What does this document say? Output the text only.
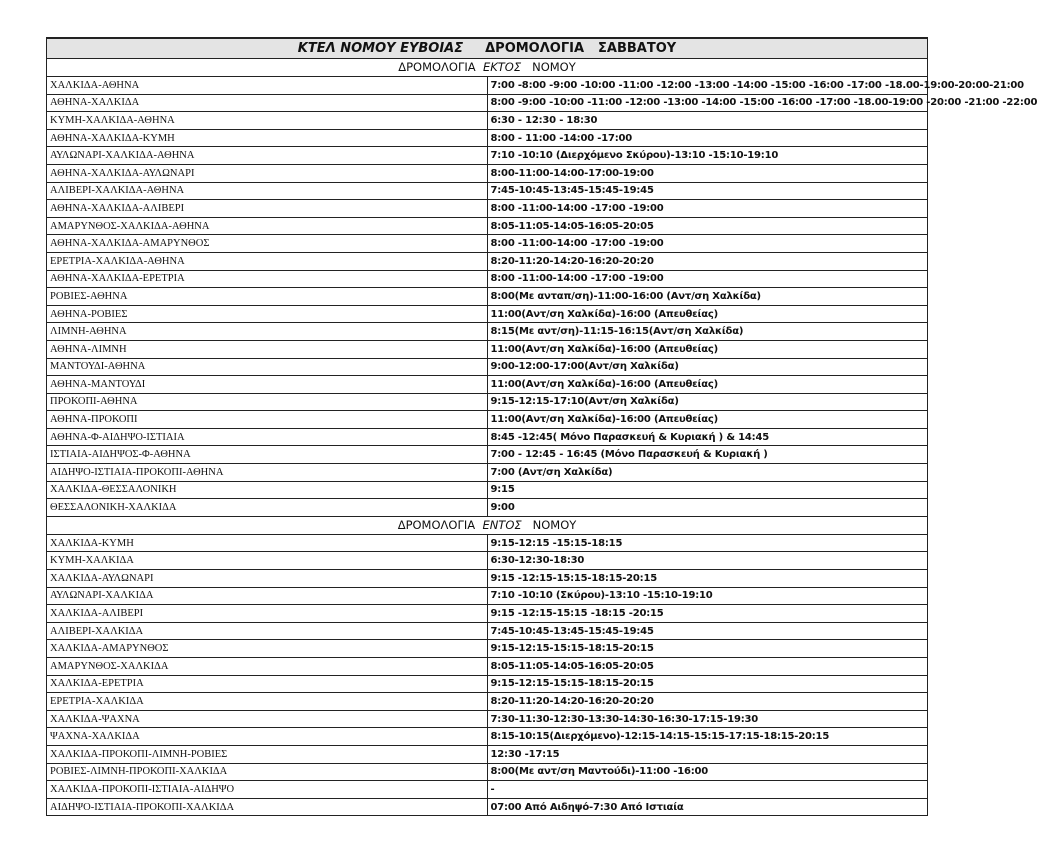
ΚΤΕΛ ΝΟΜΟΥ ΕΥΒΟΙΑΣ ΔΡΟΜΟΛΟΓΙΑ ΣΑΒΒΑΤΟΥ	
ΔΡΟΜΟΛΟΓΙΑ ΕΚΤΟΣ ΝΟΜΟΥ	
ΧΑΛΚΙΔΑ-ΑΘΗΝΑ	7:00 -8:00 -9:00 -10:00 -11:00 -12:00 -13:00 -14:00 -15:00 -16:00 -17:00 -18.00-19:00-20:00-21:00
ΑΘΗΝΑ-ΧΑΛΚΙΔΑ	8:00 -9:00 -10:00 -11:00 -12:00 -13:00 -14:00 -15:00 -16:00 -17:00 -18.00-19:00 -20:00 -21:00 -22:00
ΚΥΜΗ-ΧΑΛΚΙΔΑ-ΑΘΗΝΑ	6:30 - 12:30 - 18:30
ΑΘΗΝΑ-ΧΑΛΚΙΔΑ-ΚΥΜΗ	8:00 - 11:00 -14:00 -17:00
ΑΥΛΩΝΑΡΙ-ΧΑΛΚΙΔΑ-ΑΘΗΝΑ	7:10 -10:10 (Διερχόμενο Σκύρου)-13:10 -15:10-19:10
ΑΘΗΝΑ-ΧΑΛΚΙΔΑ-ΑΥΛΩΝΑΡΙ	8:00-11:00-14:00-17:00-19:00
ΑΛΙΒΕΡΙ-ΧΑΛΚΙΔΑ-ΑΘΗΝΑ	7:45-10:45-13:45-15:45-19:45
ΑΘΗΝΑ-ΧΑΛΚΙΔΑ-ΑΛΙΒΕΡΙ	8:00 -11:00-14:00 -17:00 -19:00
ΑΜΑΡΥΝΘΟΣ-ΧΑΛΚΙΔΑ-ΑΘΗΝΑ	8:05-11:05-14:05-16:05-20:05
ΑΘΗΝΑ-ΧΑΛΚΙΔΑ-ΑΜΑΡΥΝΘΟΣ	8:00 -11:00-14:00 -17:00 -19:00
ΕΡΕΤΡΙΑ-ΧΑΛΚΙΔΑ-ΑΘΗΝΑ	8:20-11:20-14:20-16:20-20:20
ΑΘΗΝΑ-ΧΑΛΚΙΔΑ-ΕΡΕΤΡΙΑ	8:00 -11:00-14:00 -17:00 -19:00
ΡΟΒΙΕΣ-ΑΘΗΝΑ	8:00(Με ανταπ/ση)-11:00-16:00 (Αντ/ση Χαλκίδα)
ΑΘΗΝΑ-ΡΟΒΙΕΣ	11:00(Αντ/ση Χαλκίδα)-16:00 (Απευθείας)
ΛΙΜΝΗ-ΑΘΗΝΑ	8:15(Με αντ/ση)-11:15-16:15(Αντ/ση Χαλκίδα)
ΑΘΗΝΑ-ΛΙΜΝΗ	11:00(Αντ/ση Χαλκίδα)-16:00 (Απευθείας)
ΜΑΝΤΟΥΔΙ-ΑΘΗΝΑ	9:00-12:00-17:00(Αντ/ση Χαλκίδα)
ΑΘΗΝΑ-ΜΑΝΤΟΥΔΙ	11:00(Αντ/ση Χαλκίδα)-16:00 (Απευθείας)
ΠΡΟΚΟΠΙ-ΑΘΗΝΑ	9:15-12:15-17:10(Αντ/ση Χαλκίδα)
ΑΘΗΝΑ-ΠΡΟΚΟΠΙ	11:00(Αντ/ση Χαλκίδα)-16:00 (Απευθείας)
ΑΘΗΝΑ-Φ-ΑΙΔΗΨΟ-ΙΣΤΙΑΙΑ	8:45 -12:45( Μόνο Παρασκευή & Κυριακή ) & 14:45
ΙΣΤΙΑΙΑ-ΑΙΔΗΨΟΣ-Φ-ΑΘΗΝΑ	7:00 - 12:45 - 16:45 (Μόνο Παρασκευή & Κυριακή )
ΑΙΔΗΨΟ-ΙΣΤΙΑΙΑ-ΠΡΟΚΟΠΙ-ΑΘΗΝΑ	7:00 (Αντ/ση Χαλκίδα)
ΧΑΛΚΙΔΑ-ΘΕΣΣΑΛΟΝΙΚΗ	9:15
ΘΕΣΣΑΛΟΝΙΚΗ-ΧΑΛΚΙΔΑ	9:00
ΔΡΟΜΟΛΟΓΙΑ ΕΝΤΟΣ ΝΟΜΟΥ	
ΧΑΛΚΙΔΑ-ΚΥΜΗ	9:15-12:15 -15:15-18:15
ΚΥΜΗ-ΧΑΛΚΙΔΑ	6:30-12:30-18:30
ΧΑΛΚΙΔΑ-ΑΥΛΩΝΑΡΙ	9:15 -12:15-15:15-18:15-20:15
ΑΥΛΩΝΑΡΙ-ΧΑΛΚΙΔΑ	7:10 -10:10 (Σκύρου)-13:10 -15:10-19:10
ΧΑΛΚΙΔΑ-ΑΛΙΒΕΡΙ	9:15 -12:15-15:15 -18:15 -20:15
ΑΛΙΒΕΡΙ-ΧΑΛΚΙΔΑ	7:45-10:45-13:45-15:45-19:45
ΧΑΛΚΙΔΑ-ΑΜΑΡΥΝΘΟΣ	9:15-12:15-15:15-18:15-20:15
ΑΜΑΡΥΝΘΟΣ-ΧΑΛΚΙΔΑ	8:05-11:05-14:05-16:05-20:05
ΧΑΛΚΙΔΑ-ΕΡΕΤΡΙΑ	9:15-12:15-15:15-18:15-20:15
ΕΡΕΤΡΙΑ-ΧΑΛΚΙΔΑ	8:20-11:20-14:20-16:20-20:20
ΧΑΛΚΙΔΑ-ΨΑΧΝΑ	7:30-11:30-12:30-13:30-14:30-16:30-17:15-19:30
ΨΑΧΝΑ-ΧΑΛΚΙΔΑ	8:15-10:15(Διερχόμενο)-12:15-14:15-15:15-17:15-18:15-20:15
ΧΑΛΚΙΔΑ-ΠΡΟΚΟΠΙ-ΛΙΜΝΗ-ΡΟΒΙΕΣ	12:30 -17:15
ΡΟΒΙΕΣ-ΛΙΜΝΗ-ΠΡΟΚΟΠΙ-ΧΑΛΚΙΔΑ	8:00(Με αντ/ση Μαντούδι)-11:00 -16:00
ΧΑΛΚΙΔΑ-ΠΡΟΚΟΠΙ-ΙΣΤΙΑΙΑ-ΑΙΔΗΨΟ	-
ΑΙΔΗΨΟ-ΙΣΤΙΑΙΑ-ΠΡΟΚΟΠΙ-ΧΑΛΚΙΔΑ	07:00 Από Αιδηψό-7:30 Από Ιστιαία
